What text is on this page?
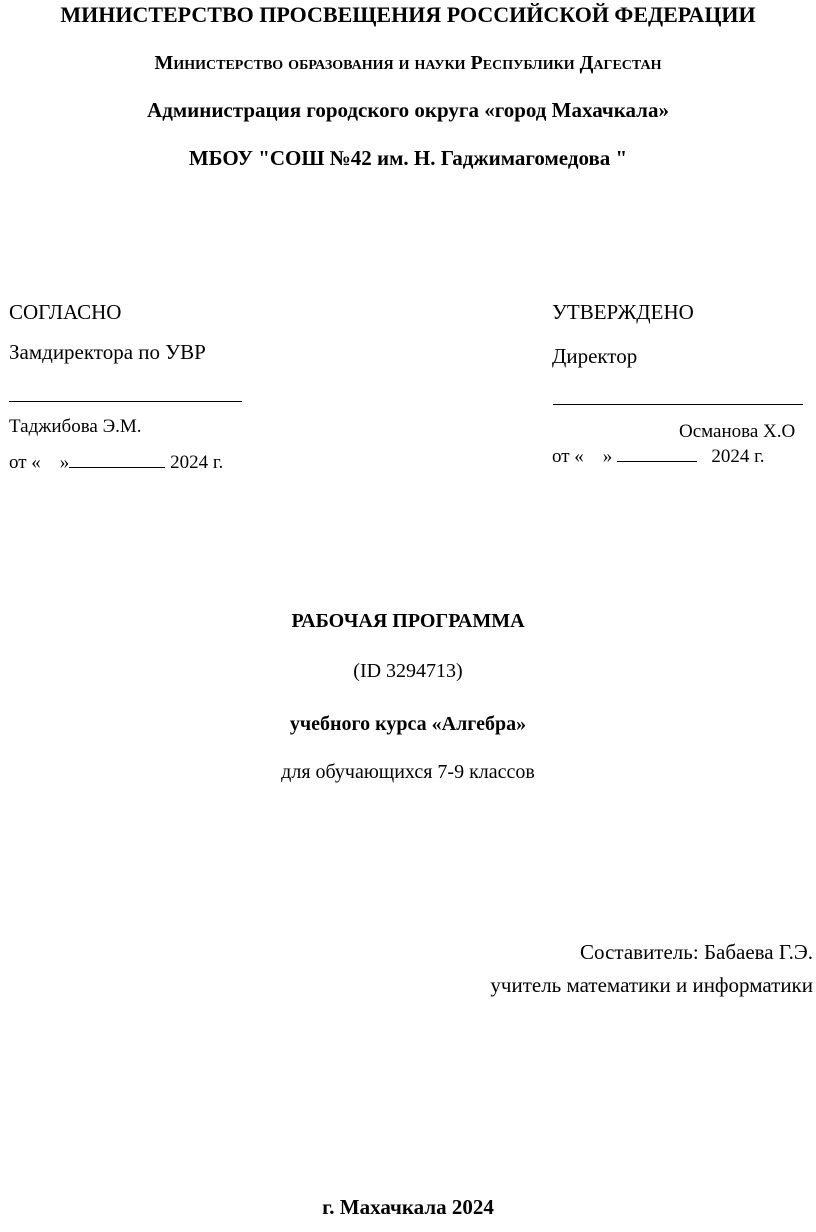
МИНИСТЕРСТВО ПРОСВЕЩЕНИЯ РОССИЙСКОЙ ФЕДЕРАЦИИ
Министерство образования и науки Республики Дагестан
Администрация городского округа «город Махачкала»
МБОУ "СОШ №42 им. Н. Гаджимагомедова "
СОГЛАСНО
Замдиректора по УВР
Таджибова Э.М.
от «    »	2024 г.
УТВЕРЖДЕНО
Директор
Османова Х.О
от «    »	2024 г.
РАБОЧАЯ ПРОГРАММА
(ID 3294713)
учебного курса «Алгебра»
для обучающихся 7-9 классов
Составитель: Бабаева Г.Э.
учитель математики и информатики
г. Махачкала 2024
